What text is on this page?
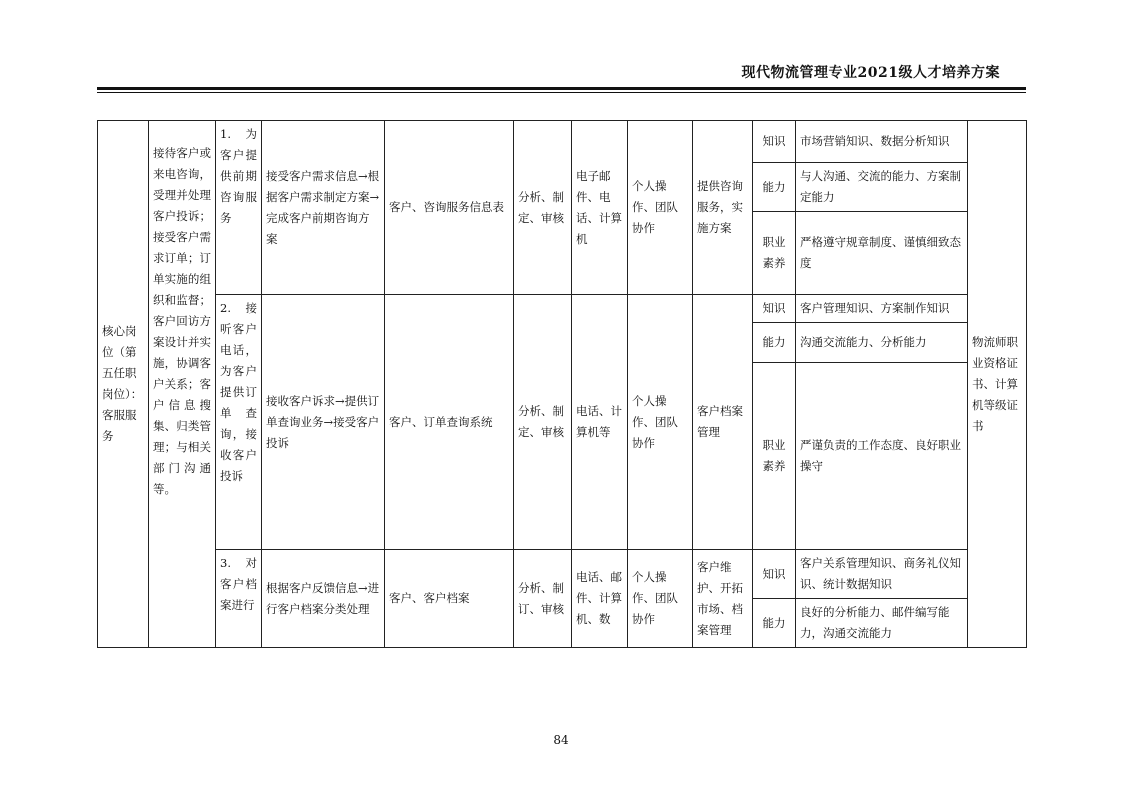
现代物流管理专业2021级人才培养方案
核心岗位（第五任职岗位）：客服服务	接待客户或来电咨询，受理并处理客户投诉；接受客户需求订单；订单实施的组织和监督；客户回访方案设计并实施，协调客户关系；客户信息搜集、归类管理；与相关部门沟通等。	1. 为客户提供前期咨询服务	接受客户需求信息→根据客户需求制定方案→完成客户前期咨询方案	客户、咨询服务信息表	分析、制定、审核	电子邮件、电话、计算机	个人操作、团队协作	提供咨询服务，实施方案	知识	市场营销知识、数据分析知识	物流师职业资格证书、计算机等级证书
									能力	与人沟通、交流的能力、方案制定能力	
									职业素养	严格遵守规章制度、谨慎细致态度	
		2. 接听客户电话，为客户提供订单查询，接收客户投诉	接收客户诉求→提供订单查询业务→接受客户投诉	客户、订单查询系统	分析、制定、审核	电话、计算机等	个人操作、团队协作	客户档案管理	知识	客户管理知识、方案制作知识	
									能力	沟通交流能力、分析能力	
									职业素养	严谨负责的工作态度、良好职业操守	
		3. 对客户档案进行	根据客户反馈信息→进行客户档案分类处理	客户、客户档案	分析、制订、审核	电话、邮件、计算机、数	个人操作、团队协作	客户维护、开拓市场、档案管理	知识	客户关系管理知识、商务礼仪知识、统计数据知识	
									能力	良好的分析能力、邮件编写能力，沟通交流能力	
84
